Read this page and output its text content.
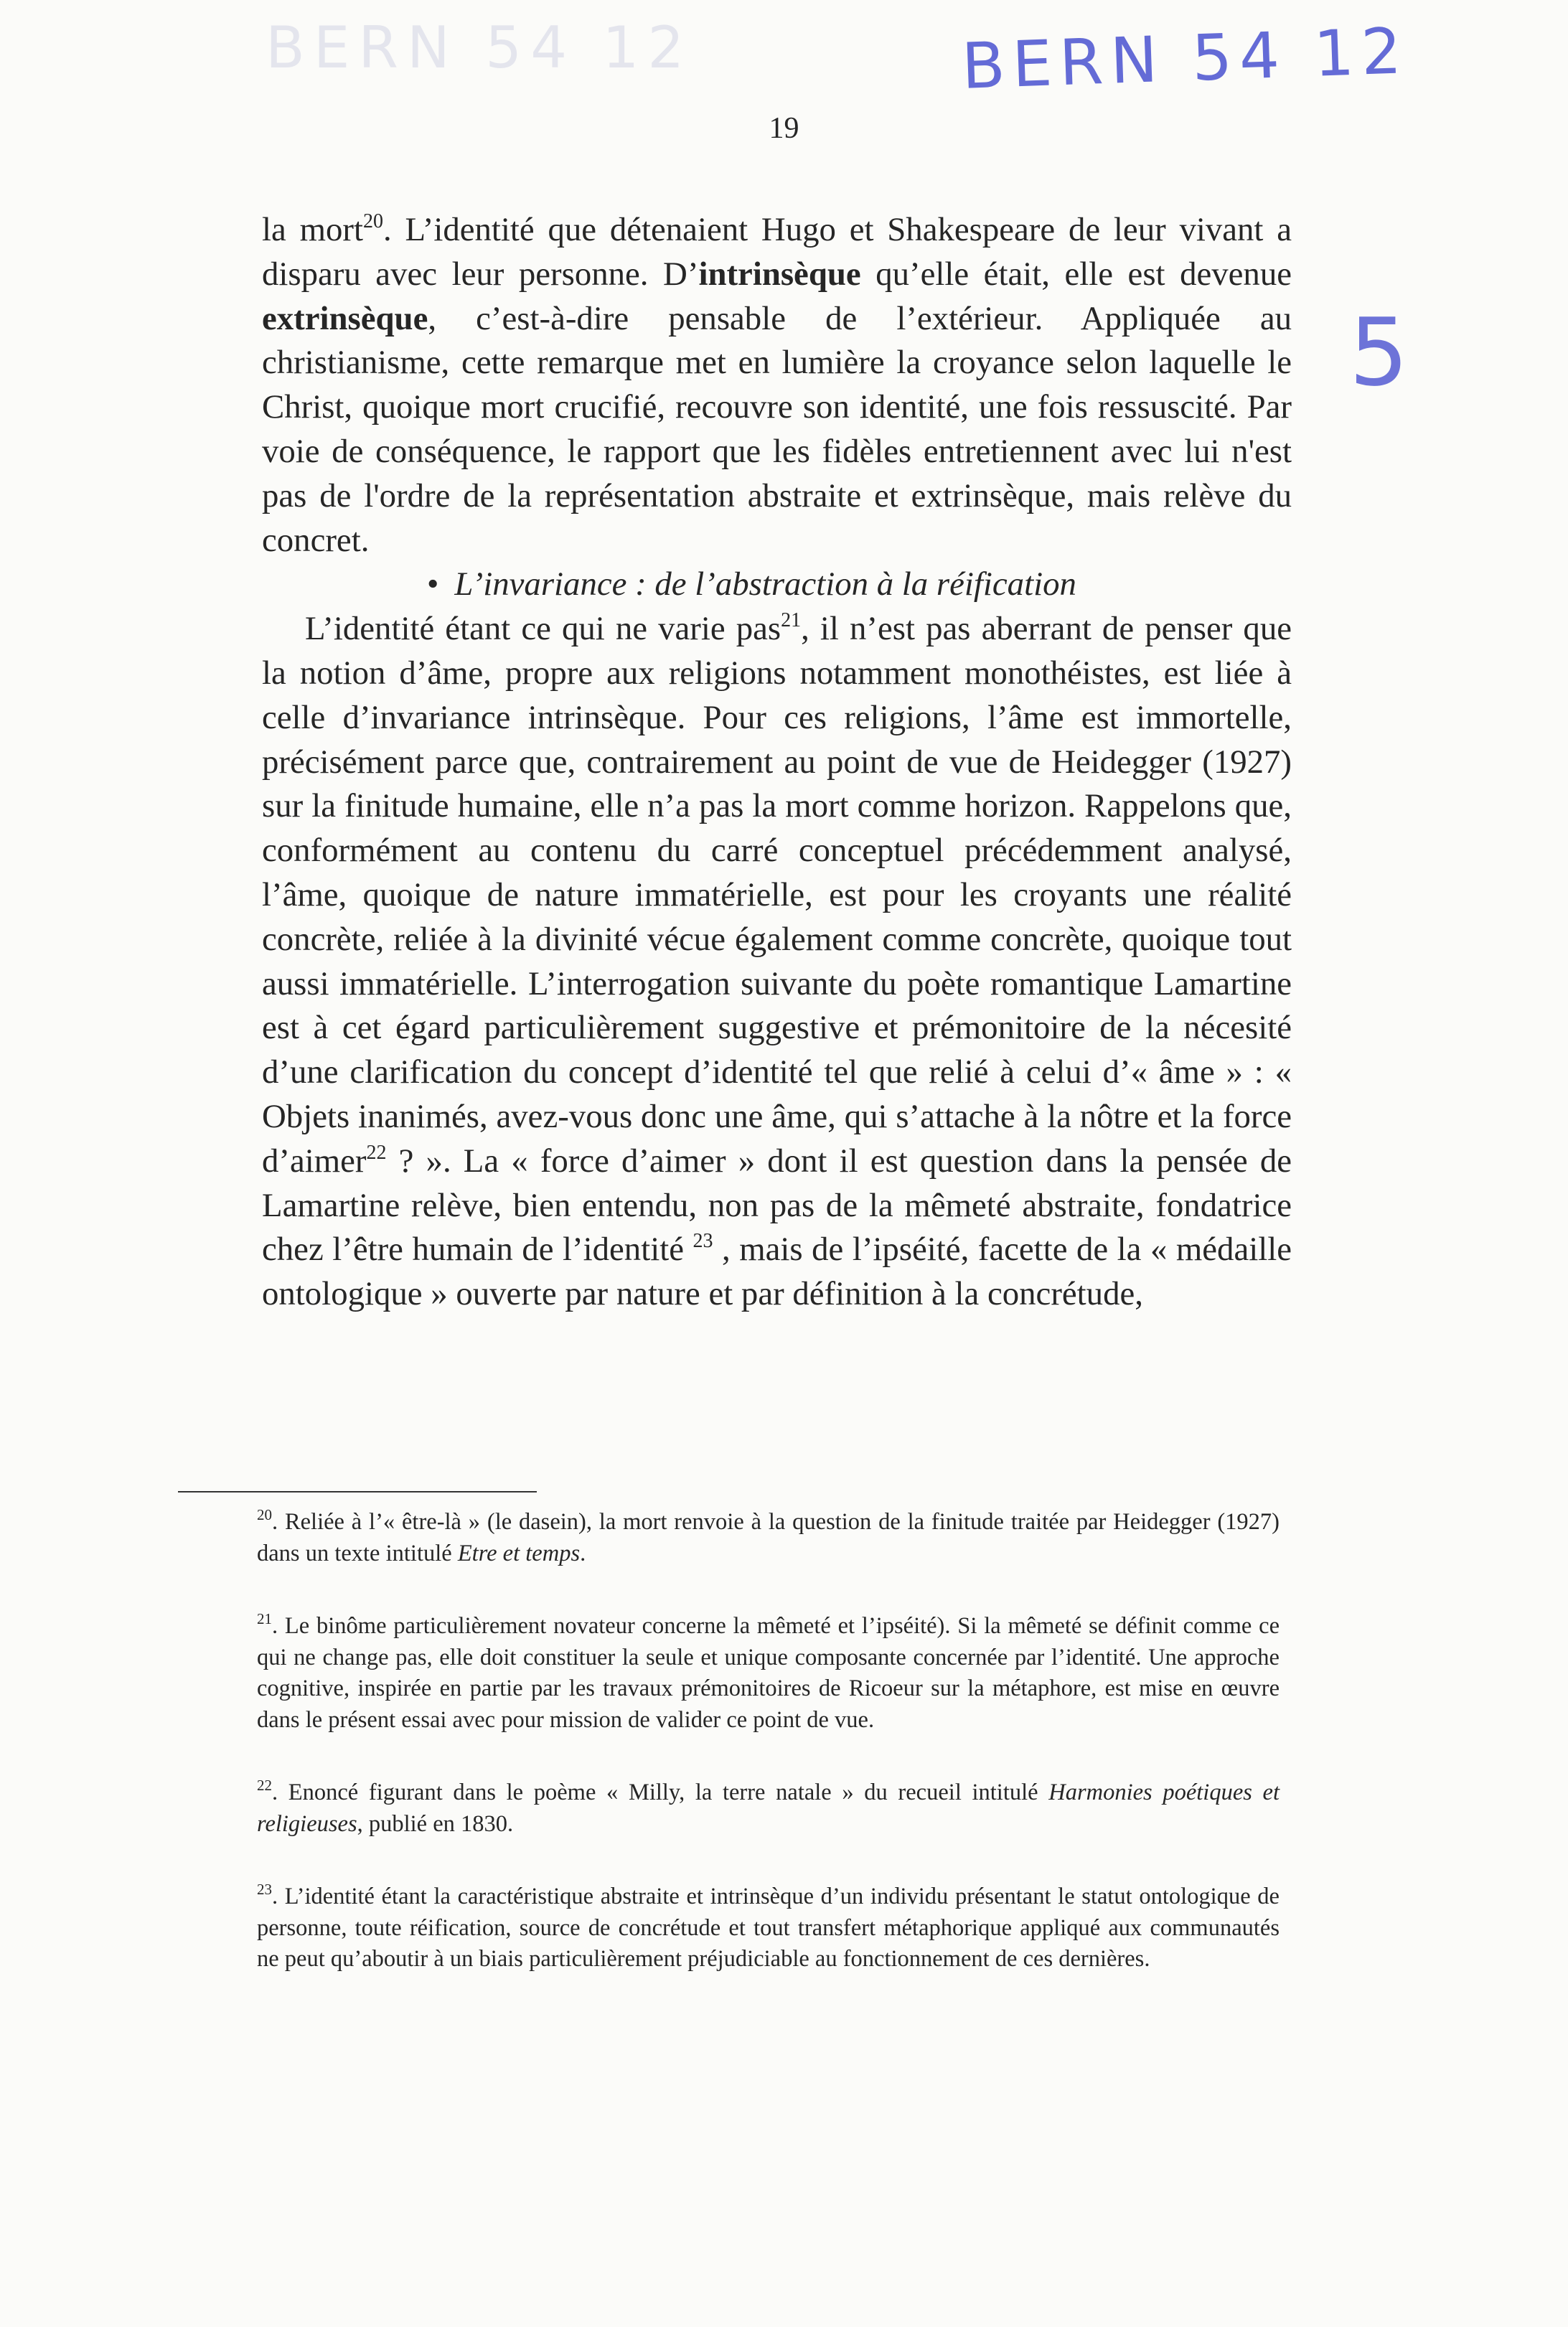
BERN 54 12	BERN 54 12
5
19

la mort$^{20}$. L’identité que détenaient Hugo et Shakespeare de leur vivant a disparu avec leur personne. D’intrinsèque qu’elle était, elle est devenue extrinsèque, c’est-à-dire pensable de l’extérieur. Appliquée au christianisme, cette remarque met en lumière la croyance selon laquelle le Christ, quoique mort crucifié, recouvre son identité, une fois ressuscité. Par voie de conséquence, le rapport que les fidèles entretiennent avec lui n'est pas de l'ordre de la représentation abstraite et extrinsèque, mais relève du concret.

• L’invariance : de l’abstraction à la réification

L’identité étant ce qui ne varie pas$^{21}$, il n’est pas aberrant de penser que la notion d’âme, propre aux religions notamment monothéistes, est liée à celle d’invariance intrinsèque. Pour ces religions, l’âme est immortelle, précisément parce que, contrairement au point de vue de Heidegger (1927) sur la finitude humaine, elle n’a pas la mort comme horizon. Rappelons que, conformément au contenu du carré conceptuel précédemment analysé, l’âme, quoique de nature immatérielle, est pour les croyants une réalité concrète, reliée à la divinité vécue également comme concrète, quoique tout aussi immatérielle. L’interrogation suivante du poète romantique Lamartine est à cet égard particulièrement suggestive et prémonitoire de la nécesité d’une clarification du concept d’identité tel que relié à celui d’« âme » : « Objets inanimés, avez-vous donc une âme, qui s’attache à la nôtre et la force d’aimer$^{22}$ ? ». La « force d’aimer » dont il est question dans la pensée de Lamartine relève, bien entendu, non pas de la mêmeté abstraite, fondatrice chez l’être humain de l’identité $^{23}$ , mais de l’ipséité, facette de la « médaille ontologique » ouverte par nature et par définition à la concrétude,

$^{20}$. Reliée à l’« être-là » (le dasein), la mort renvoie à la question de la finitude traitée par Heidegger (1927) dans un texte intitulé Etre et temps.

$^{21}$. Le binôme particulièrement novateur concerne la mêmeté et l’ipséité). Si la mêmeté se définit comme ce qui ne change pas, elle doit constituer la seule et unique composante concernée par l’identité. Une approche cognitive, inspirée en partie par les travaux prémonitoires de Ricoeur sur la métaphore, est mise en œuvre dans le présent essai avec pour mission de valider ce point de vue.

$^{22}$. Enoncé figurant dans le poème « Milly, la terre natale » du recueil intitulé Harmonies poétiques et religieuses, publié en 1830.

$^{23}$. L’identité étant la caractéristique abstraite et intrinsèque d’un individu présentant le statut ontologique de personne, toute réification, source de concrétude et tout transfert métaphorique appliqué aux communautés ne peut qu’aboutir à un biais particulièrement préjudiciable au fonctionnement de ces dernières.
